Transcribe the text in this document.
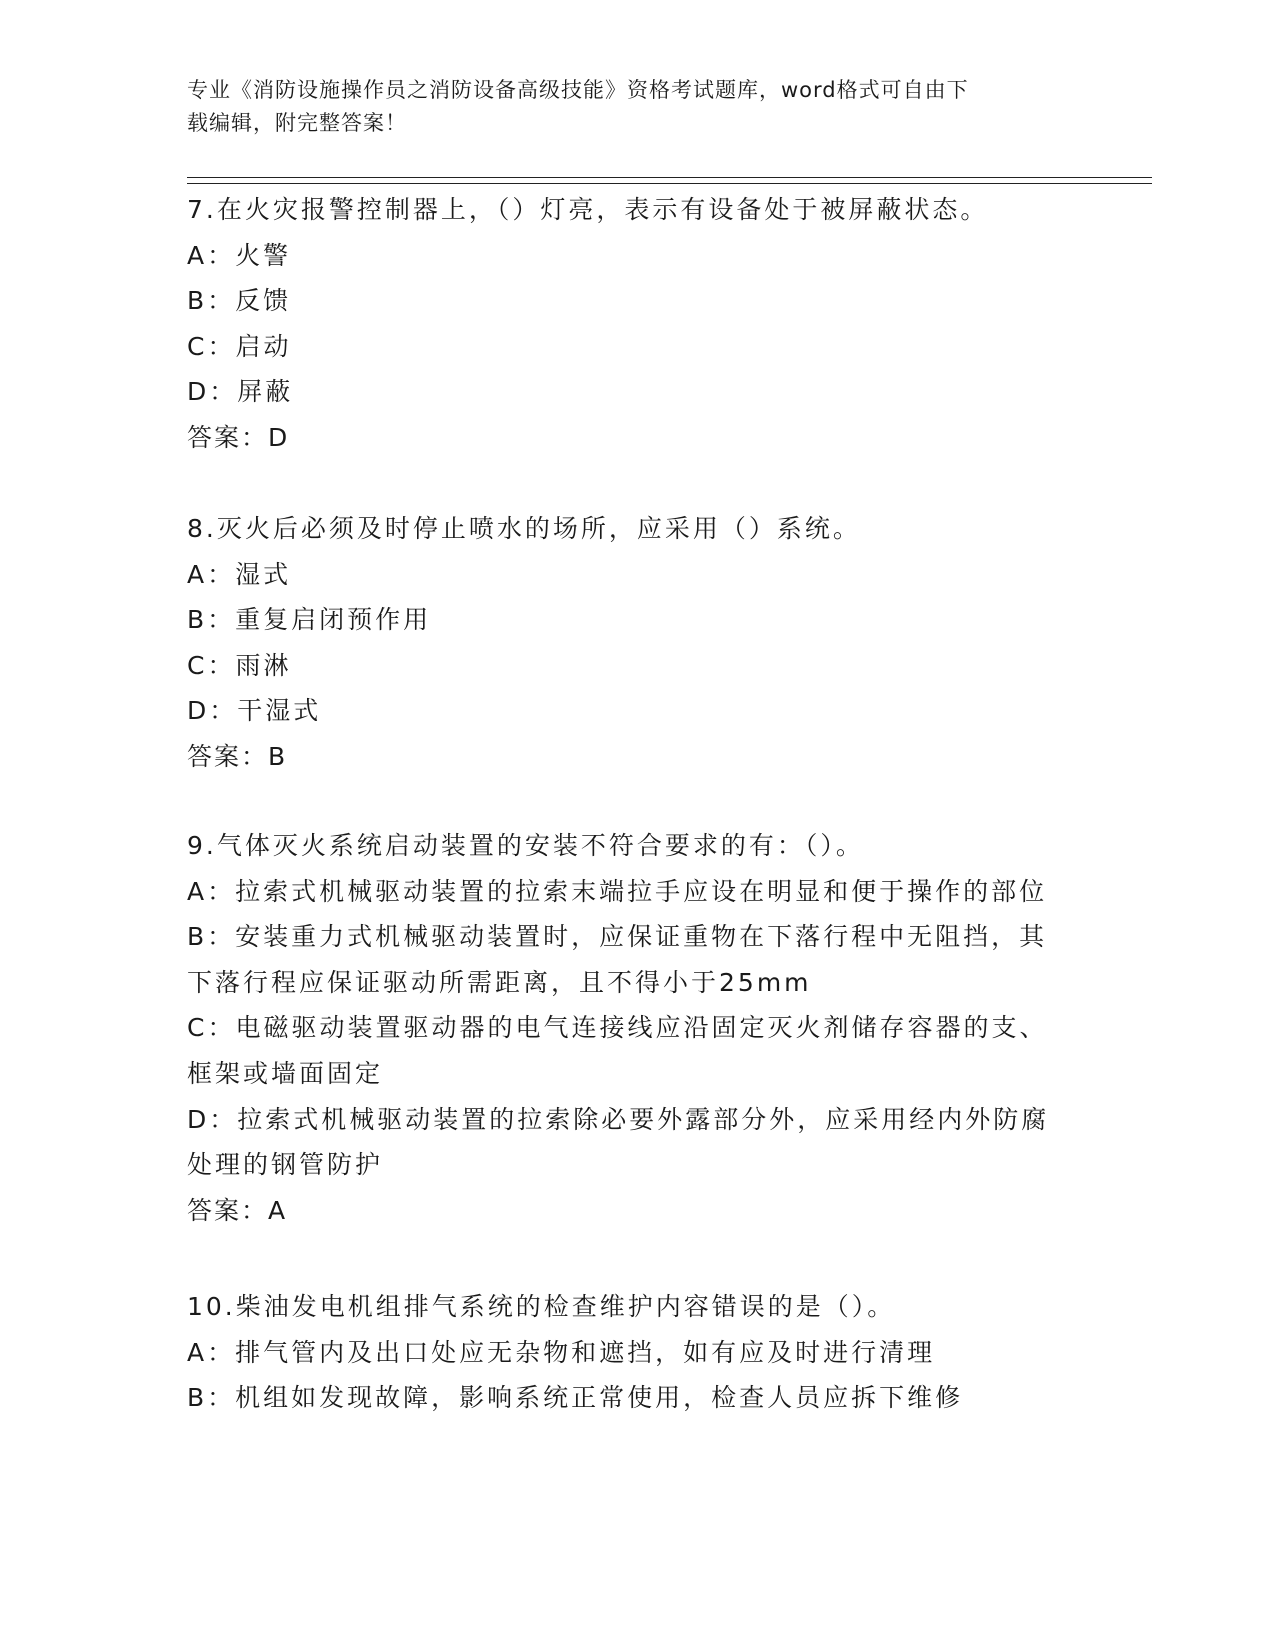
专业《消防设施操作员之消防设备高级技能》资格考试题库，word格式可自由下
载编辑，附完整答案！
7.在火灾报警控制器上，（）灯亮，表示有设备处于被屏蔽状态。
A：火警
B：反馈
C：启动
D：屏蔽
答案：D
8.灭火后必须及时停止喷水的场所，应采用（）系统。
A：湿式
B：重复启闭预作用
C：雨淋
D：干湿式
答案：B
9.气体灭火系统启动装置的安装不符合要求的有：（）。
A：拉索式机械驱动装置的拉索末端拉手应设在明显和便于操作的部位
B：安装重力式机械驱动装置时，应保证重物在下落行程中无阻挡，其
下落行程应保证驱动所需距离，且不得小于25mm
C：电磁驱动装置驱动器的电气连接线应沿固定灭火剂储存容器的支、
框架或墙面固定
D：拉索式机械驱动装置的拉索除必要外露部分外，应采用经内外防腐
处理的钢管防护
答案：A
10.柴油发电机组排气系统的检查维护内容错误的是（）。
A：排气管内及出口处应无杂物和遮挡，如有应及时进行清理
B：机组如发现故障，影响系统正常使用，检查人员应拆下维修
